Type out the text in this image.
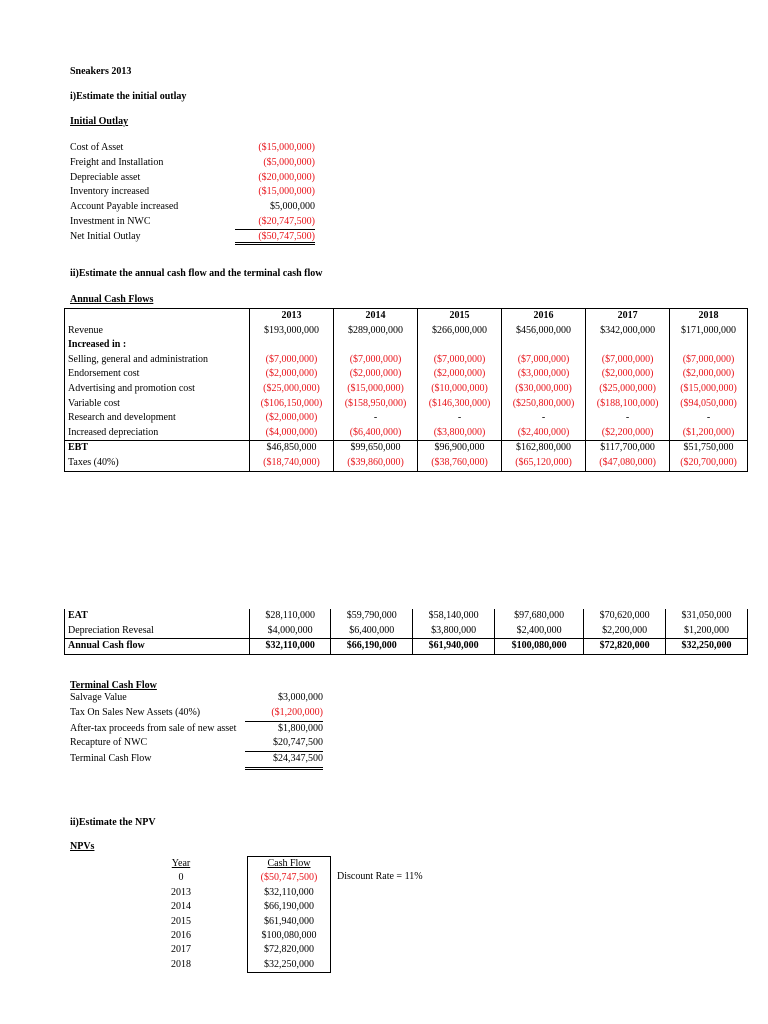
Sneakers 2013
i)Estimate the initial outlay
Initial Outlay
Cost of Asset	($15,000,000)
Freight and Installation	($5,000,000)
Depreciable asset	($20,000,000)
Inventory increased	($15,000,000)
Account Payable increased	$5,000,000
Investment in NWC	($20,747,500)
Net Initial Outlay	($50,747,500)
ii)Estimate the annual cash flow and the terminal cash flow
Annual Cash Flows
	2013	2014	2015	2016	2017	2018
Revenue	$193,000,000	$289,000,000	$266,000,000	$456,000,000	$342,000,000	$171,000,000
Increased in :						
Selling, general and administration	($7,000,000)	($7,000,000)	($7,000,000)	($7,000,000)	($7,000,000)	($7,000,000)
Endorsement cost	($2,000,000)	($2,000,000)	($2,000,000)	($3,000,000)	($2,000,000)	($2,000,000)
Advertising and promotion cost	($25,000,000)	($15,000,000)	($10,000,000)	($30,000,000)	($25,000,000)	($15,000,000)
Variable cost	($106,150,000)	($158,950,000)	($146,300,000)	($250,800,000)	($188,100,000)	($94,050,000)
Research and development	($2,000,000)	-	-	-	-	-
Increased depreciation	($4,000,000)	($6,400,000)	($3,800,000)	($2,400,000)	($2,200,000)	($1,200,000)
EBT	$46,850,000	$99,650,000	$96,900,000	$162,800,000	$117,700,000	$51,750,000
Taxes (40%)	($18,740,000)	($39,860,000)	($38,760,000)	($65,120,000)	($47,080,000)	($20,700,000)
EAT	$28,110,000	$59,790,000	$58,140,000	$97,680,000	$70,620,000	$31,050,000
Depreciation Revesal	$4,000,000	$6,400,000	$3,800,000	$2,400,000	$2,200,000	$1,200,000
Annual Cash flow	$32,110,000	$66,190,000	$61,940,000	$100,080,000	$72,820,000	$32,250,000
Terminal Cash Flow
Salvage Value	$3,000,000
Tax On Sales New Assets (40%)	($1,200,000)
After-tax proceeds from sale of new asset	$1,800,000
Recapture of NWC	$20,747,500
Terminal Cash Flow	$24,347,500
ii)Estimate the NPV
NPVs
Year	Cash Flow
0	($50,747,500)
2013	$32,110,000
2014	$66,190,000
2015	$61,940,000
2016	$100,080,000
2017	$72,820,000
2018	$32,250,000
Discount Rate = 11%
